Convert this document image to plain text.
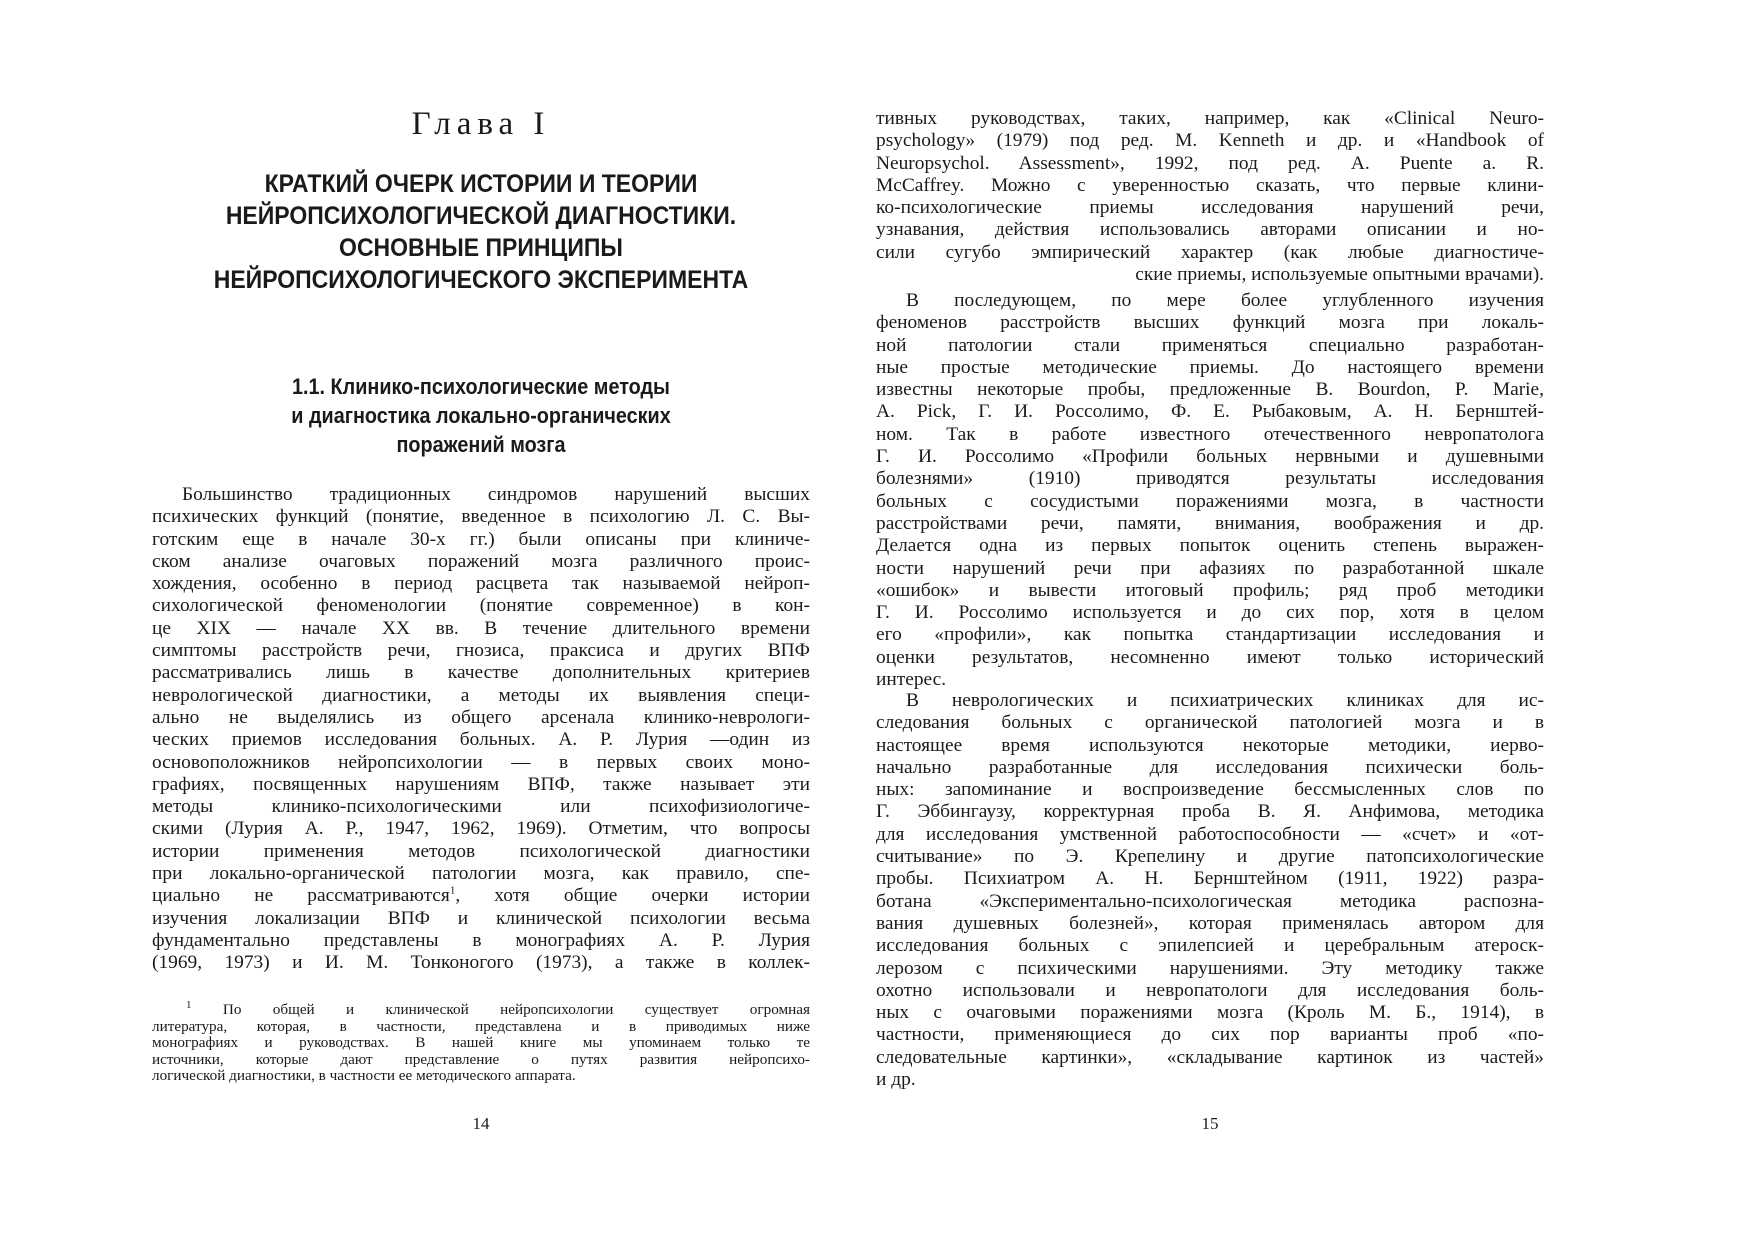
Глава I
КРАТКИЙ ОЧЕРК ИСТОРИИ И ТЕОРИИ
НЕЙРОПСИХОЛОГИЧЕСКОЙ ДИАГНОСТИКИ.
ОСНОВНЫЕ ПРИНЦИПЫ
НЕЙРОПСИХОЛОГИЧЕСКОГО ЭКСПЕРИМЕНТА
1.1. Клинико-психологические методы
и диагностика локально-органических
поражений мозга
Большинство традиционных синдромов нарушений высших
психических функций (понятие, введенное в психологию Л. С. Вы-
готским еще в начале 30-х гг.) были описаны при клиниче-
ском анализе очаговых поражений мозга различного проис-
хождения, особенно в период расцвета так называемой нейроп-
сихологической феноменологии (понятие современное) в кон-
це XIX — начале XX вв. В течение длительного времени
симптомы расстройств речи, гнозиса, праксиса и других ВПФ
рассматривались лишь в качестве дополнительных критериев
неврологической диагностики, а методы их выявления специ-
ально не выделялись из общего арсенала клинико-неврологи-
ческих приемов исследования больных. А. Р. Лурия —один из
основоположников нейропсихологии — в первых своих моно-
графиях, посвященных нарушениям ВПФ, также называет эти
методы клинико-психологическими или психофизиологиче-
скими (Лурия А. Р., 1947, 1962, 1969). Отметим, что вопросы
истории применения методов психологической диагностики
при локально-органической патологии мозга, как правило, спе-
циально не рассматриваются$^1$, хотя общие очерки истории
изучения локализации ВПФ и клинической психологии весьма
фундаментально представлены в монографиях А. Р. Лурия
(1969, 1973) и И. М. Тонконогого (1973), а также в коллек-
$^1$ По общей и клинической нейропсихологии существует огромная
литература, которая, в частности, представлена и в приводимых ниже
монографиях и руководствах. В нашей книге мы упоминаем только те
источники, которые дают представление о путях развития нейропсихо-
логической диагностики, в частности ее методического аппарата.
14
тивных руководствах, таких, например, как «Clinical Neuro-
psychology» (1979) под ред. М. Kenneth и др. и «Handbook of
Neuropsychol. Assessment», 1992, под ред. A. Puente a. R.
McCaffrey. Можно с уверенностью сказать, что первые клини-
ко-психологические приемы исследования нарушений речи,
узнавания, действия использовались авторами описании и но-
сили сугубо эмпирический характер (как любые диагностиче-
ские приемы, используемые опытными врачами).
В последующем, по мере более углубленного изучения
феноменов расстройств высших функций мозга при локаль-
ной патологии стали применяться специально разработан-
ные простые методические приемы. До настоящего времени
известны некоторые пробы, предложенные B. Bourdon, P. Marie,
A. Pick, Г. И. Россолимо, Ф. Е. Рыбаковым, А. Н. Бернштей-
ном. Так в работе известного отечественного невропатолога
Г. И. Россолимо «Профили больных нервными и душевными
болезнями» (1910) приводятся результаты исследования
больных с сосудистыми поражениями мозга, в частности
расстройствами речи, памяти, внимания, воображения и др.
Делается одна из первых попыток оценить степень выражен-
ности нарушений речи при афазиях по разработанной шкале
«ошибок» и вывести итоговый профиль; ряд проб методики
Г. И. Россолимо используется и до сих пор, хотя в целом
его «профили», как попытка стандартизации исследования и
оценки результатов, несомненно имеют только исторический
интерес.
В неврологических и психиатрических клиниках для ис-
следования больных с органической патологией мозга и в
настоящее время используются некоторые методики, иерво-
начально разработанные для исследования психически боль-
ных: запоминание и воспроизведение бессмысленных слов по
Г. Эббингаузу, корректурная проба В. Я. Анфимова, методика
для исследования умственной работоспособности — «счет» и «от-
считывание» по Э. Крепелину и другие патопсихологические
пробы. Психиатром А. Н. Бернштейном (1911, 1922) разра-
ботана «Экспериментально-психологическая методика распозна-
вания душевных болезней», которая применялась автором для
исследования больных с эпилепсией и церебральным атероск-
лерозом с психическими нарушениями. Эту методику также
охотно использовали и невропатологи для исследования боль-
ных с очаговыми поражениями мозга (Кроль М. Б., 1914), в
частности, применяющиеся до сих пор варианты проб «по-
следовательные картинки», «складывание картинок из частей»
и др.
15
